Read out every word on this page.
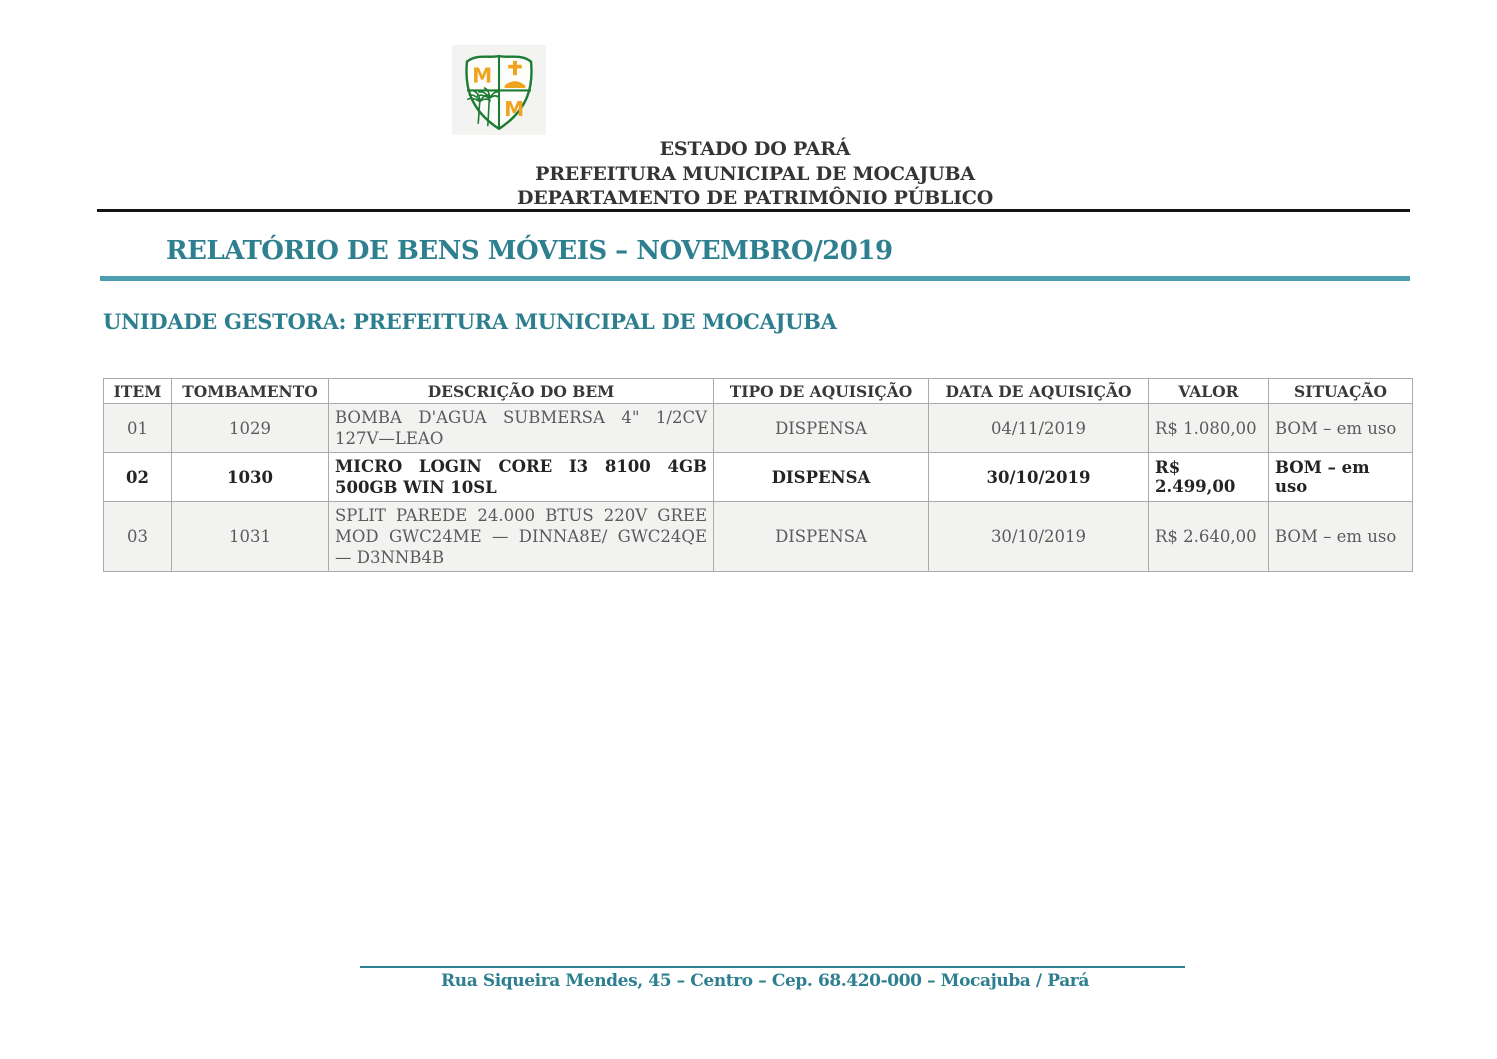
M
M
ESTADO DO PARÁ
PREFEITURA MUNICIPAL DE MOCAJUBA
DEPARTAMENTO DE PATRIMÔNIO PÚBLICO
RELATÓRIO DE BENS MÓVEIS – NOVEMBRO/2019
UNIDADE GESTORA: PREFEITURA MUNICIPAL DE MOCAJUBA
ITEM	TOMBAMENTO	DESCRIÇÃO DO BEM	TIPO DE AQUISIÇÃO	DATA DE AQUISIÇÃO	VALOR	SITUAÇÃO
01	1029	BOMBA D'AGUA SUBMERSA 4" 1/2CV 127V—LEAO	DISPENSA	04/11/2019	R$ 1.080,00	BOM – em uso
02	1030	MICRO LOGIN CORE I3 8100 4GB 500GB WIN 10SL	DISPENSA	30/10/2019	R$ 2.499,00	BOM – em uso
03	1031	SPLIT PAREDE 24.000 BTUS 220V GREE MOD GWC24ME — DINNA8E/ GWC24QE — D3NNB4B	DISPENSA	30/10/2019	R$ 2.640,00	BOM – em uso
Rua Siqueira Mendes, 45 – Centro – Cep. 68.420-000 – Mocajuba / Pará
